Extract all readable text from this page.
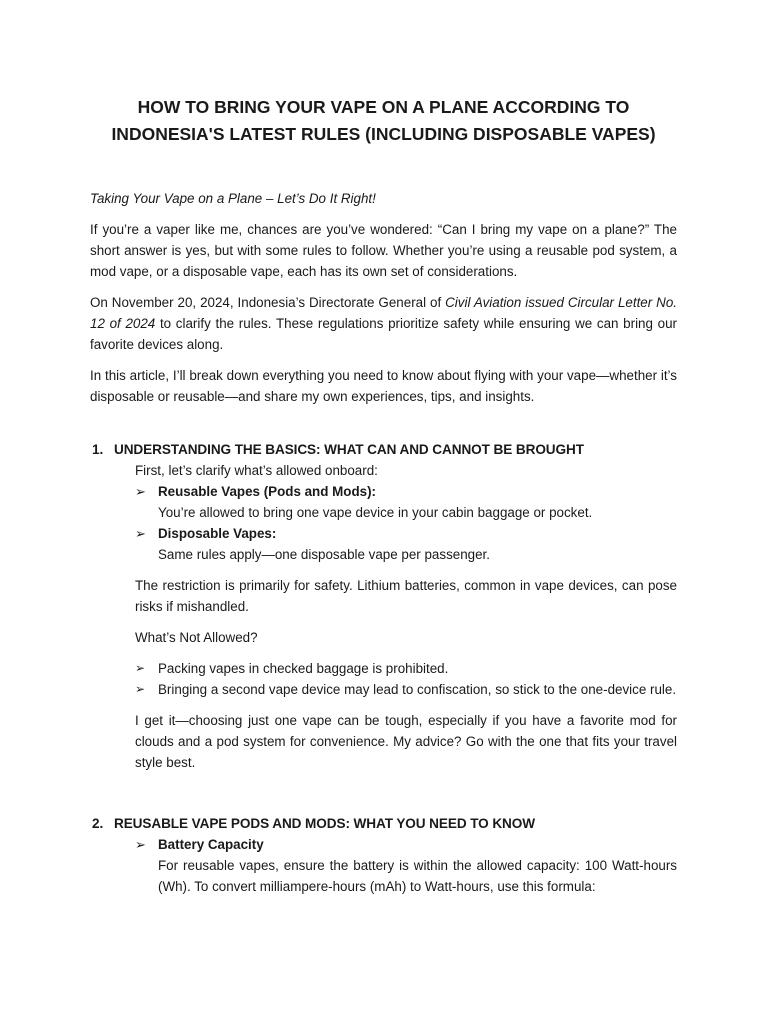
HOW TO BRING YOUR VAPE ON A PLANE ACCORDING TO INDONESIA'S LATEST RULES (INCLUDING DISPOSABLE VAPES)

Taking Your Vape on a Plane – Let’s Do It Right!

If you’re a vaper like me, chances are you’ve wondered: “Can I bring my vape on a plane?” The short answer is yes, but with some rules to follow. Whether you’re using a reusable pod system, a mod vape, or a disposable vape, each has its own set of considerations.

On November 20, 2024, Indonesia’s Directorate General of Civil Aviation issued Circular Letter No. 12 of 2024 to clarify the rules. These regulations prioritize safety while ensuring we can bring our favorite devices along.

In this article, I’ll break down everything you need to know about flying with your vape—whether it’s disposable or reusable—and share my own experiences, tips, and insights.

1. UNDERSTANDING THE BASICS: WHAT CAN AND CANNOT BE BROUGHT

First, let’s clarify what’s allowed onboard:

➢ Reusable Vapes (Pods and Mods):
You’re allowed to bring one vape device in your cabin baggage or pocket.
➢ Disposable Vapes:
Same rules apply—one disposable vape per passenger.

The restriction is primarily for safety. Lithium batteries, common in vape devices, can pose risks if mishandled.

What’s Not Allowed?

➢ Packing vapes in checked baggage is prohibited.
➢ Bringing a second vape device may lead to confiscation, so stick to the one-device rule.

I get it—choosing just one vape can be tough, especially if you have a favorite mod for clouds and a pod system for convenience. My advice? Go with the one that fits your travel style best.

2. REUSABLE VAPE PODS AND MODS: WHAT YOU NEED TO KNOW
➢ Battery Capacity

For reusable vapes, ensure the battery is within the allowed capacity: 100 Watt-hours (Wh). To convert milliampere-hours (mAh) to Watt-hours, use this formula:
